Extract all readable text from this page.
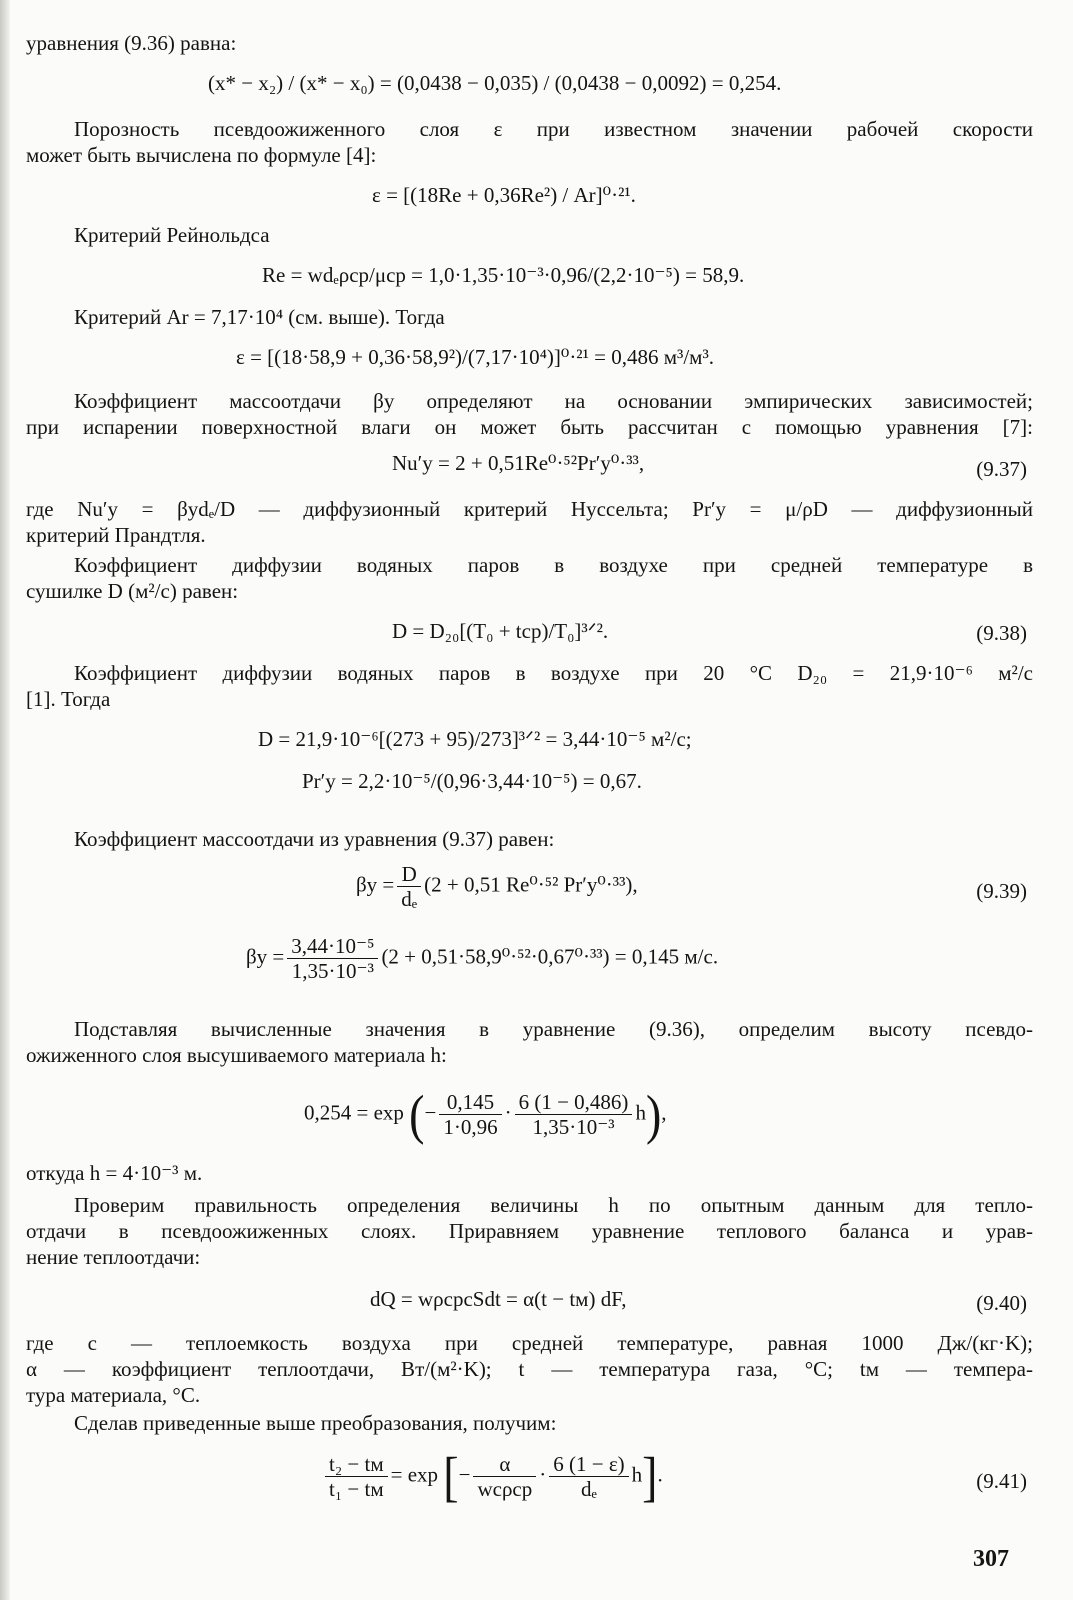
уравнения (9.36) равна:
(x* − x₂) / (x* − x₀) = (0,0438 − 0,035) / (0,0438 − 0,0092) = 0,254.
Порозность псевдоожиженного слоя ε при известном значении рабочей скорости
может быть вычислена по формуле [4]:
ε = [(18Re + 0,36Re²) / Ar]⁰·²¹.
Критерий Рейнольдса
Re = wdₑρср/μср = 1,0·1,35·10⁻³·0,96/(2,2·10⁻⁵) = 58,9.
Критерий Ar = 7,17·10⁴ (см. выше). Тогда
ε = [(18·58,9 + 0,36·58,9²)/(7,17·10⁴)]⁰·²¹ = 0,486 м³/м³.
Коэффициент массоотдачи βy определяют на основании эмпирических зависимостей;
при испарении поверхностной влаги он может быть рассчитан с помощью уравнения [7]:
Nu′y = 2 + 0,51Re⁰·⁵²Pr′y⁰·³³,	(9.37)
где Nu′y = βydₑ/D — диффузионный критерий Нуссельта; Pr′y = μ/ρD — диффузионный
критерий Прандтля.
Коэффициент диффузии водяных паров в воздухе при средней температуре в
сушилке D (м²/с) равен:
D = D₂₀[(T₀ + tср)/T₀]³ᐟ².	(9.38)
Коэффициент диффузии водяных паров в воздухе при 20 °C D₂₀ = 21,9·10⁻⁶ м²/с
[1]. Тогда
D = 21,9·10⁻⁶[(273 + 95)/273]³ᐟ² = 3,44·10⁻⁵ м²/с;
Pr′y = 2,2·10⁻⁵/(0,96·3,44·10⁻⁵) = 0,67.
Коэффициент массоотдачи из уравнения (9.37) равен:
$\beta y = \frac{D}{\text{dₑ}} (2 + 0,51$ Re⁰·⁵² Pr′y⁰·³³),	(9.39)
$\beta y = \frac{\text{3,44·10⁻⁵}}{\text{1,35·10⁻³}} (2 + 0,51\cdot 58,9^0\cdot^{52}\cdot 0,67^0\cdot^{33}) = 0,145$ м/с.
Подставляя вычисленные значения в уравнение (9.36), определим высоту псевдо-
ожиженного слоя высушиваемого материала h:
0,254 = exp (− $\frac{0,145}{1\cdot 0,96} \cdot \frac{6 (1 - 0,486)}{\text{1,35·10⁻³}} h$),
откуда h = 4·10⁻³ м.
Проверим правильность определения величины h по опытным данным для тепло-
отдачи в псевдоожиженных слоях. Приравняем уравнение теплового баланса и урав-
нение теплоотдачи:
dQ = wρсрcSdt = α(t − tм) dF,	(9.40)
где c — теплоемкость воздуха при средней температуре, равная 1000 Дж/(кг·K);
α — коэффициент теплоотдачи, Вт/(м²·K); t — температура газа, °C; tм — темпера-
тура материала, °C.
Сделав приведенные выше преобразования, получим:
$\frac{\text{t₂ − tм}}{\text{t₁ − tм}} = \exp$ [− $\frac{\alpha}{\text{wcρср}} \cdot \frac{6 (1 - \varepsilon)}{\text{dₑ}} h$].	(9.41)
307
